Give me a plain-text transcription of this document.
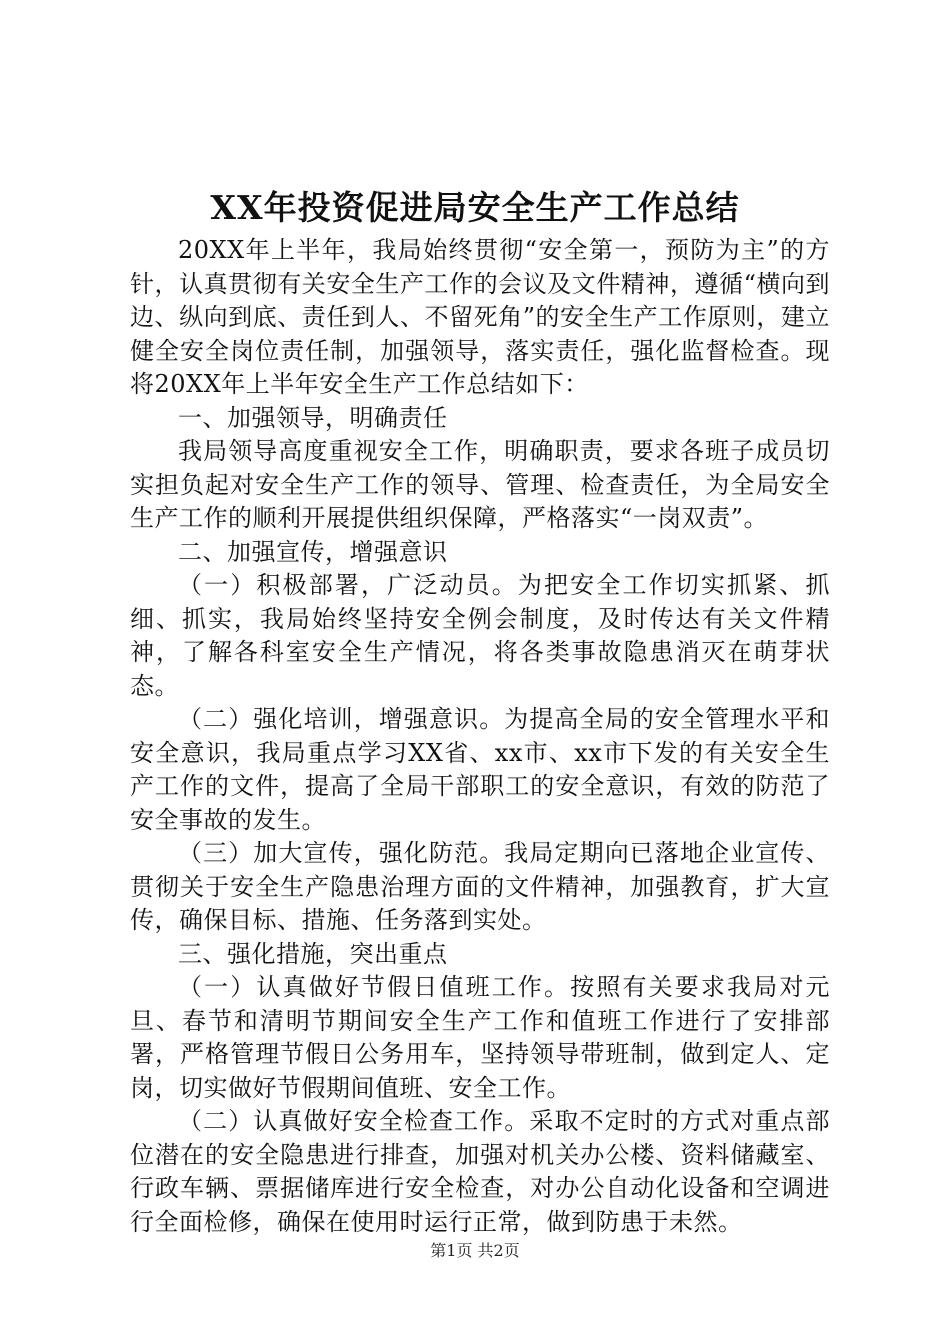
XX年投资促进局安全生产工作总结

20XX年上半年，我局始终贯彻“安全第一，预防为主”的方针，认真贯彻有关安全生产工作的会议及文件精神，遵循“横向到边、纵向到底、责任到人、不留死角”的安全生产工作原则，建立健全安全岗位责任制，加强领导，落实责任，强化监督检查。现将20XX年上半年安全生产工作总结如下：

一、加强领导，明确责任

我局领导高度重视安全工作，明确职责，要求各班子成员切实担负起对安全生产工作的领导、管理、检查责任，为全局安全生产工作的顺利开展提供组织保障，严格落实“一岗双责”。

二、加强宣传，增强意识

（一）积极部署，广泛动员。为把安全工作切实抓紧、抓细、抓实，我局始终坚持安全例会制度，及时传达有关文件精神，了解各科室安全生产情况，将各类事故隐患消灭在萌芽状态。

（二）强化培训，增强意识。为提高全局的安全管理水平和安全意识，我局重点学习XX省、xx市、xx市下发的有关安全生产工作的文件，提高了全局干部职工的安全意识，有效的防范了安全事故的发生。

（三）加大宣传，强化防范。我局定期向已落地企业宣传、贯彻关于安全生产隐患治理方面的文件精神，加强教育，扩大宣传，确保目标、措施、任务落到实处。

三、强化措施，突出重点

（一）认真做好节假日值班工作。按照有关要求我局对元旦、春节和清明节期间安全生产工作和值班工作进行了安排部署，严格管理节假日公务用车，坚持领导带班制，做到定人、定岗，切实做好节假期间值班、安全工作。

（二）认真做好安全检查工作。采取不定时的方式对重点部位潜在的安全隐患进行排查，加强对机关办公楼、资料储藏室、行政车辆、票据储库进行安全检查，对办公自动化设备和空调进行全面检修，确保在使用时运行正常，做到防患于未然。

第1页 共2页
